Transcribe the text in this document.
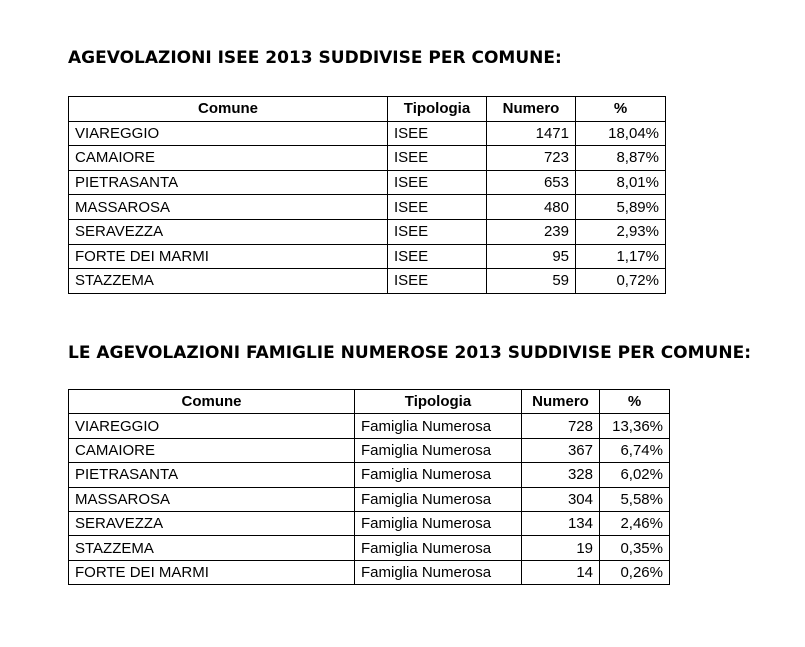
AGEVOLAZIONI ISEE 2013 SUDDIVISE PER COMUNE:
Comune	Tipologia	Numero	%
VIAREGGIO	ISEE	1471	18,04%
CAMAIORE	ISEE	723	8,87%
PIETRASANTA	ISEE	653	8,01%
MASSAROSA	ISEE	480	5,89%
SERAVEZZA	ISEE	239	2,93%
FORTE DEI MARMI	ISEE	95	1,17%
STAZZEMA	ISEE	59	0,72%
LE AGEVOLAZIONI FAMIGLIE NUMEROSE 2013 SUDDIVISE PER COMUNE:
Comune	Tipologia	Numero	%
VIAREGGIO	Famiglia Numerosa	728	13,36%
CAMAIORE	Famiglia Numerosa	367	6,74%
PIETRASANTA	Famiglia Numerosa	328	6,02%
MASSAROSA	Famiglia Numerosa	304	5,58%
SERAVEZZA	Famiglia Numerosa	134	2,46%
STAZZEMA	Famiglia Numerosa	19	0,35%
FORTE DEI MARMI	Famiglia Numerosa	14	0,26%
